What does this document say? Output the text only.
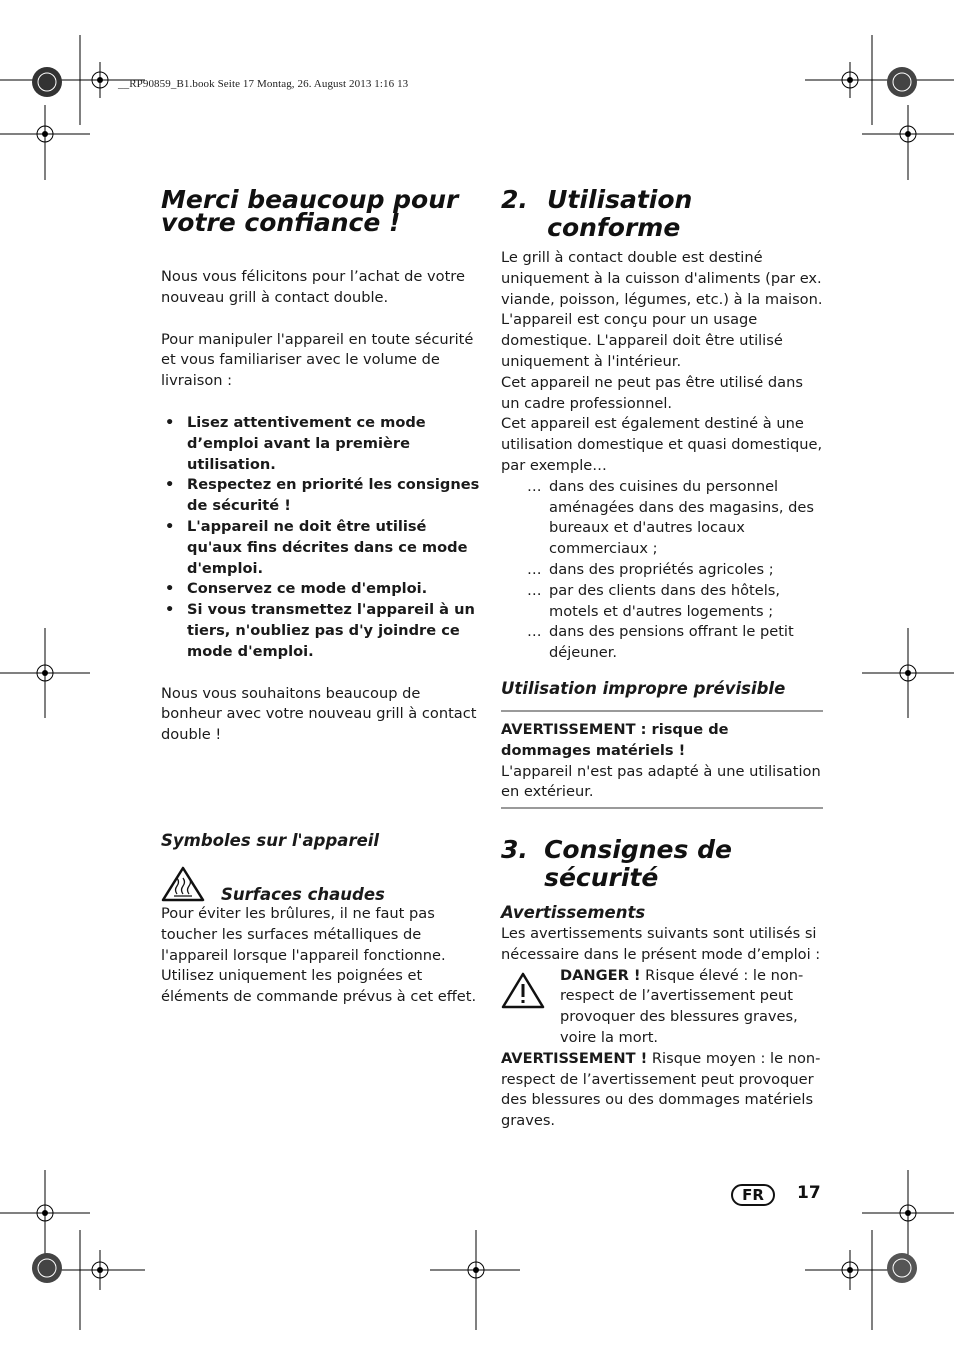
__RP90859_B1.book Seite 17 Montag, 26. August 2013 1:16 13
Merci beaucoup pour votre confiance !

Nous vous félicitons pour l’achat de votre nouveau grill à contact double.

Pour manipuler l'appareil en toute sécurité et vous familiariser avec le volume de livraison :

• Lisez attentivement ce mode d’emploi avant la première utilisation.
• Respectez en priorité les consignes de sécurité !
• L'appareil ne doit être utilisé qu'aux fins décrites dans ce mode d'emploi.
• Conservez ce mode d'emploi.
• Si vous transmettez l'appareil à un tiers, n'oubliez pas d'y joindre ce mode d'emploi.

Nous vous souhaitons beaucoup de bonheur avec votre nouveau grill à contact double !

Symboles sur l'appareil
Surfaces chaudes

Pour éviter les brûlures, il ne faut pas toucher les surfaces métalliques de l'appareil lorsque l'appareil fonctionne. Utilisez uniquement les poignées et éléments de commande prévus à cet effet.

2. Utilisation conforme

Le grill à contact double est destiné uniquement à la cuisson d'aliments (par ex. viande, poisson, légumes, etc.) à la maison.

L'appareil est conçu pour un usage domestique. L'appareil doit être utilisé uniquement à l'intérieur.

Cet appareil ne peut pas être utilisé dans un cadre professionnel.

Cet appareil est également destiné à une utilisation domestique et quasi domestique, par exemple…

… dans des cuisines du personnel aménagées dans des magasins, des bureaux et d'autres locaux commerciaux ;
… dans des propriétés agricoles ;
… par des clients dans des hôtels, motels et d'autres logements ;
… dans des pensions offrant le petit déjeuner.
Utilisation impropre prévisible

AVERTISSEMENT : risque de dommages matériels !

L'appareil n'est pas adapté à une utilisation en extérieur.

3. Consignes de sécurité
Avertissements

Les avertissements suivants sont utilisés si nécessaire dans le présent mode d’emploi :

DANGER ! Risque élevé : le non-respect de l’avertissement peut provoquer des blessures graves, voire la mort.

AVERTISSEMENT ! Risque moyen : le non-respect de l’avertissement peut provoquer des blessures ou des dommages matériels graves.

FR	17
